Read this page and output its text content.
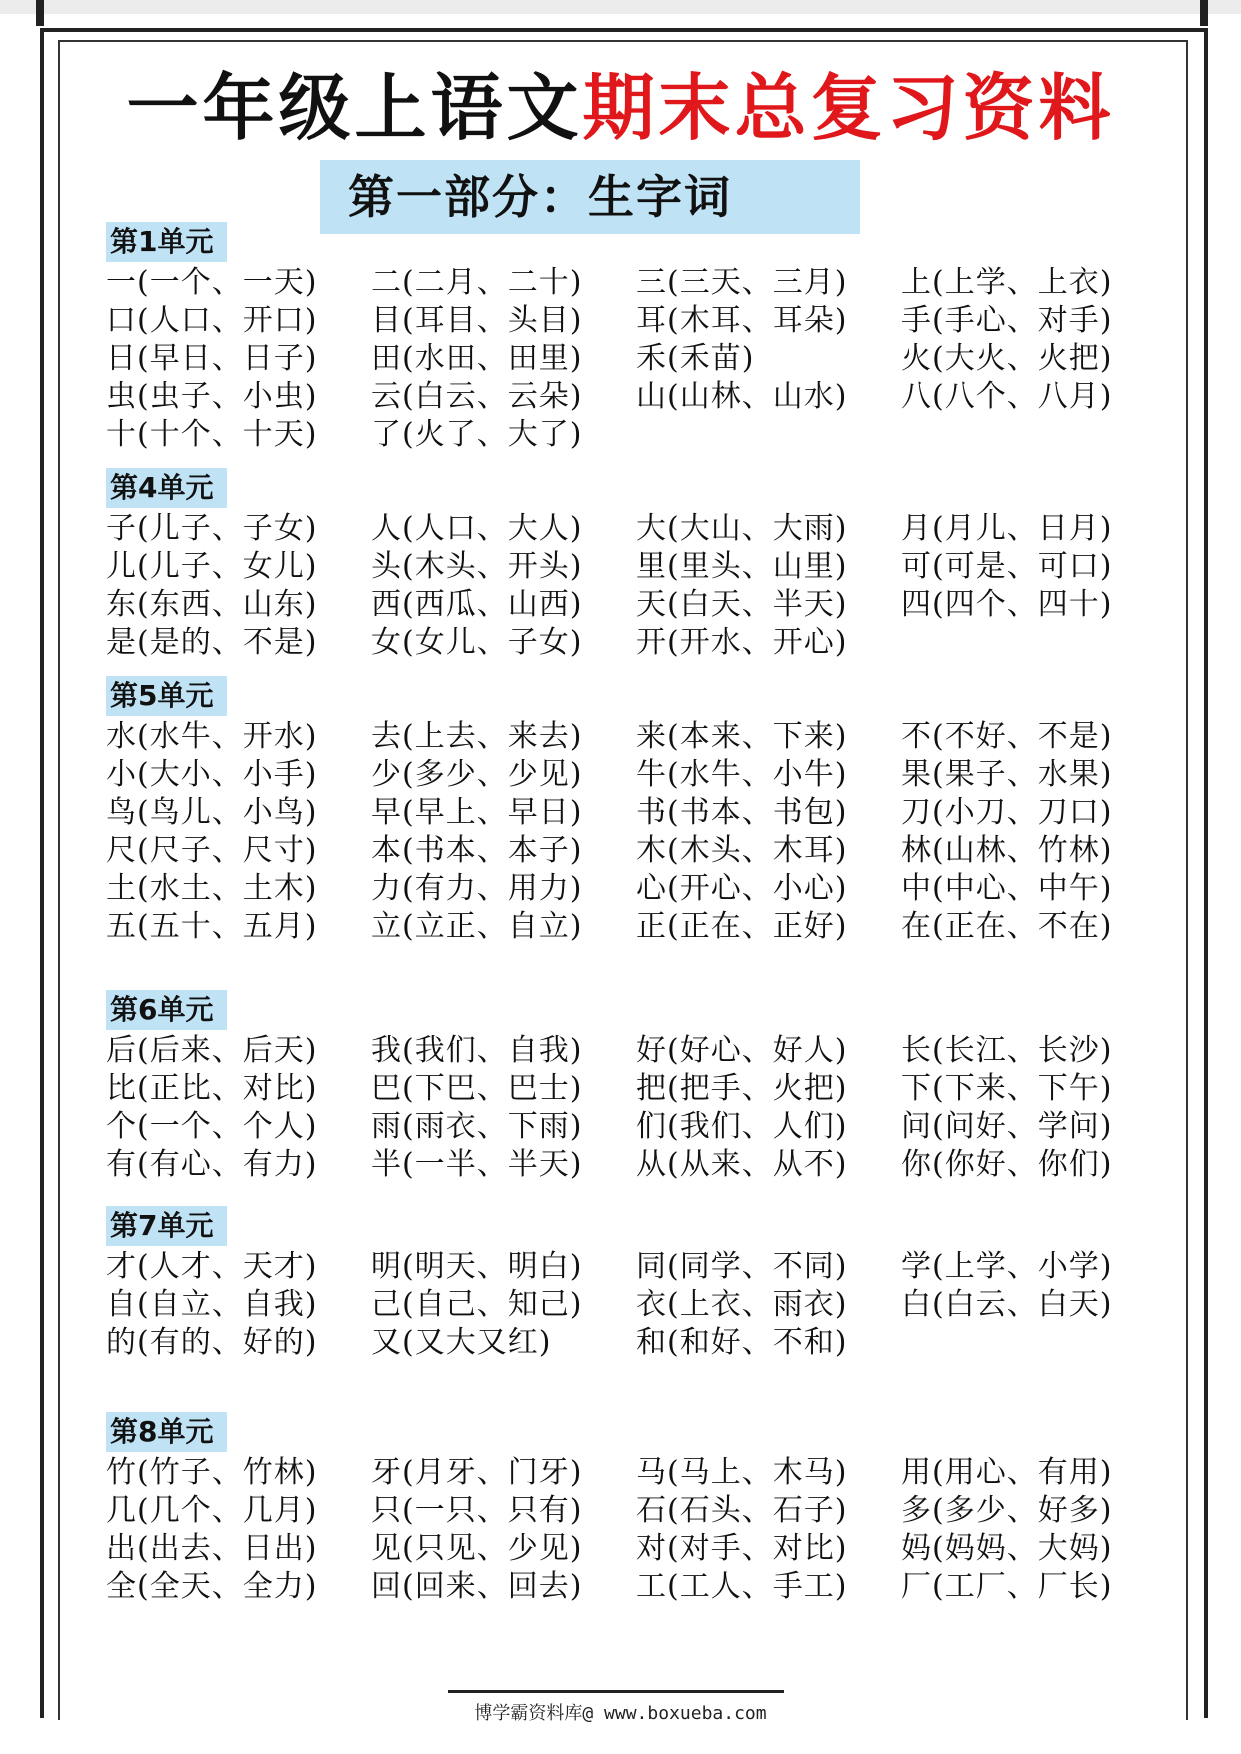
一年级上语文期末总复习资料
第一部分：生字词
第1单元
一(一个、一天)	二(二月、二十)	三(三天、三月)	上(上学、上衣)
口(人口、开口)	目(耳目、头目)	耳(木耳、耳朵)	手(手心、对手)
日(早日、日子)	田(水田、田里)	禾(禾苗)	火(大火、火把)
虫(虫子、小虫)	云(白云、云朵)	山(山林、山水)	八(八个、八月)
十(十个、十天)	了(火了、大了)
第4单元
子(儿子、子女)	人(人口、大人)	大(大山、大雨)	月(月儿、日月)
儿(儿子、女儿)	头(木头、开头)	里(里头、山里)	可(可是、可口)
东(东西、山东)	西(西瓜、山西)	天(白天、半天)	四(四个、四十)
是(是的、不是)	女(女儿、子女)	开(开水、开心)
第5单元
水(水牛、开水)	去(上去、来去)	来(本来、下来)	不(不好、不是)
小(大小、小手)	少(多少、少见)	牛(水牛、小牛)	果(果子、水果)
鸟(鸟儿、小鸟)	早(早上、早日)	书(书本、书包)	刀(小刀、刀口)
尺(尺子、尺寸)	本(书本、本子)	木(木头、木耳)	林(山林、竹林)
土(水土、土木)	力(有力、用力)	心(开心、小心)	中(中心、中午)
五(五十、五月)	立(立正、自立)	正(正在、正好)	在(正在、不在)
第6单元
后(后来、后天)	我(我们、自我)	好(好心、好人)	长(长江、长沙)
比(正比、对比)	巴(下巴、巴士)	把(把手、火把)	下(下来、下午)
个(一个、个人)	雨(雨衣、下雨)	们(我们、人们)	问(问好、学问)
有(有心、有力)	半(一半、半天)	从(从来、从不)	你(你好、你们)
第7单元
才(人才、天才)	明(明天、明白)	同(同学、不同)	学(上学、小学)
自(自立、自我)	己(自己、知己)	衣(上衣、雨衣)	白(白云、白天)
的(有的、好的)	又(又大又红)	和(和好、不和)
第8单元
竹(竹子、竹林)	牙(月牙、门牙)	马(马上、木马)	用(用心、有用)
几(几个、几月)	只(一只、只有)	石(石头、石子)	多(多少、好多)
出(出去、日出)	见(只见、少见)	对(对手、对比)	妈(妈妈、大妈)
全(全天、全力)	回(回来、回去)	工(工人、手工)	厂(工厂、厂长)
博学霸资料库@ www.boxueba.com
